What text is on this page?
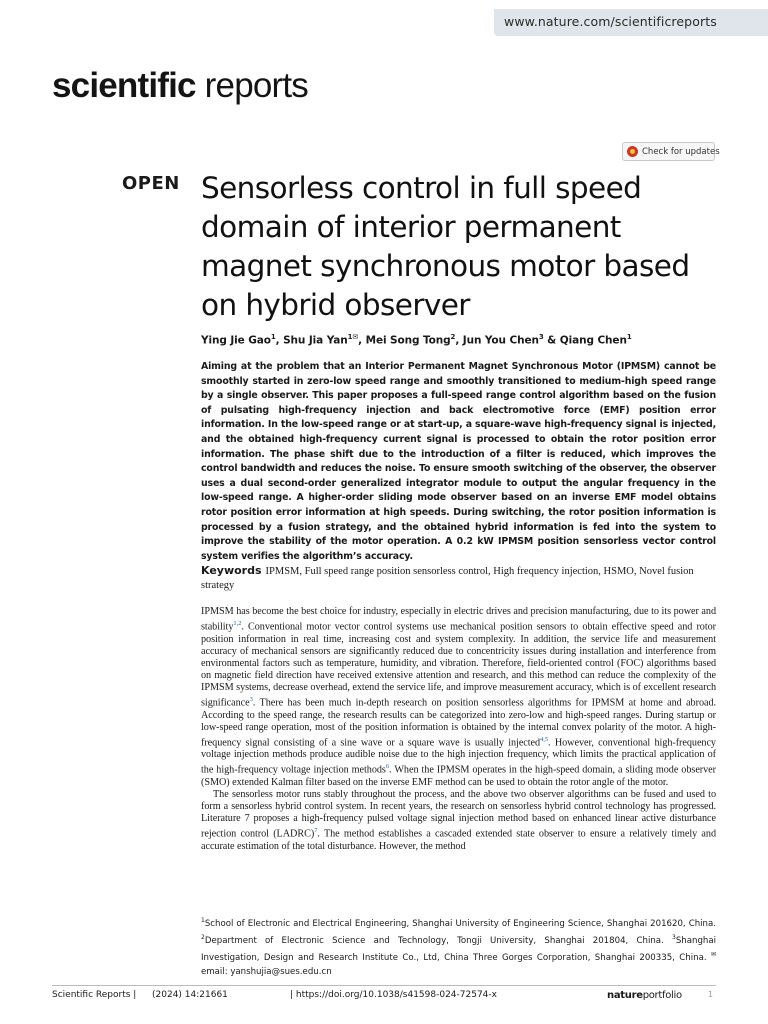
www.nature.com/scientificreports
scientific reports
Check for updates
OPEN Sensorless control in full speed domain of interior permanent magnet synchronous motor based on hybrid observer
Ying Jie Gao$^1$, Shu Jia Yan$^{1✉}$, Mei Song Tong$^2$, Jun You Chen$^3$ & Qiang Chen$^1$
Aiming at the problem that an Interior Permanent Magnet Synchronous Motor (IPMSM) cannot be smoothly started in zero-low speed range and smoothly transitioned to medium-high speed range by a single observer. This paper proposes a full-speed range control algorithm based on the fusion of pulsating high-frequency injection and back electromotive force (EMF) position error information. In the low-speed range or at start-up, a square-wave high-frequency signal is injected, and the obtained high-frequency current signal is processed to obtain the rotor position error information. The phase shift due to the introduction of a filter is reduced, which improves the control bandwidth and reduces the noise. To ensure smooth switching of the observer, the observer uses a dual second-order generalized integrator module to output the angular frequency in the low-speed range. A higher-order sliding mode observer based on an inverse EMF model obtains rotor position error information at high speeds. During switching, the rotor position information is processed by a fusion strategy, and the obtained hybrid information is fed into the system to improve the stability of the motor operation. A 0.2 kW IPMSM position sensorless vector control system verifies the algorithm’s accuracy.
Keywords IPMSM, Full speed range position sensorless control, High frequency injection, HSMO, Novel fusion strategy

IPMSM has become the best choice for industry, especially in electric drives and precision manufacturing, due to its power and stability$^{1,2}$. Conventional motor vector control systems use mechanical position sensors to obtain effective speed and rotor position information in real time, increasing cost and system complexity. In addition, the service life and measurement accuracy of mechanical sensors are significantly reduced due to concentricity issues during installation and interference from environmental factors such as temperature, humidity, and vibration. Therefore, field-oriented control (FOC) algorithms based on magnetic field direction have received extensive attention and research, and this method can reduce the complexity of the IPMSM systems, decrease overhead, extend the service life, and improve measurement accuracy, which is of excellent research significance$^3$. There has been much in-depth research on position sensorless algorithms for IPMSM at home and abroad. According to the speed range, the research results can be categorized into zero-low and high-speed ranges. During startup or low-speed range operation, most of the position information is obtained by the internal convex polarity of the motor. A high-frequency signal consisting of a sine wave or a square wave is usually injected$^{4,5}$. However, conventional high-frequency voltage injection methods produce audible noise due to the high injection frequency, which limits the practical application of the high-frequency voltage injection methods$^6$. When the IPMSM operates in the high-speed domain, a sliding mode observer (SMO) extended Kalman filter based on the inverse EMF method can be used to obtain the rotor angle of the motor.

The sensorless motor runs stably throughout the process, and the above two observer algorithms can be fused and used to form a sensorless hybrid control system. In recent years, the research on sensorless hybrid control technology has progressed. Literature 7 proposes a high-frequency pulsed voltage signal injection method based on enhanced linear active disturbance rejection control (LADRC)$^7$. The method establishes a cascaded extended state observer to ensure a relatively timely and accurate estimation of the total disturbance. However, the method

$^1$School of Electronic and Electrical Engineering, Shanghai University of Engineering Science, Shanghai 201620, China. $^2$Department of Electronic Science and Technology, Tongji University, Shanghai 201804, China. $^3$Shanghai Investigation, Design and Research Institute Co., Ltd, China Three Gorges Corporation, Shanghai 200335, China. ✉email: yanshujia@sues.edu.cn
Scientific Reports | (2024) 14:21661	| https://doi.org/10.1038/s41598-024-72574-x	natureportfolio	1
